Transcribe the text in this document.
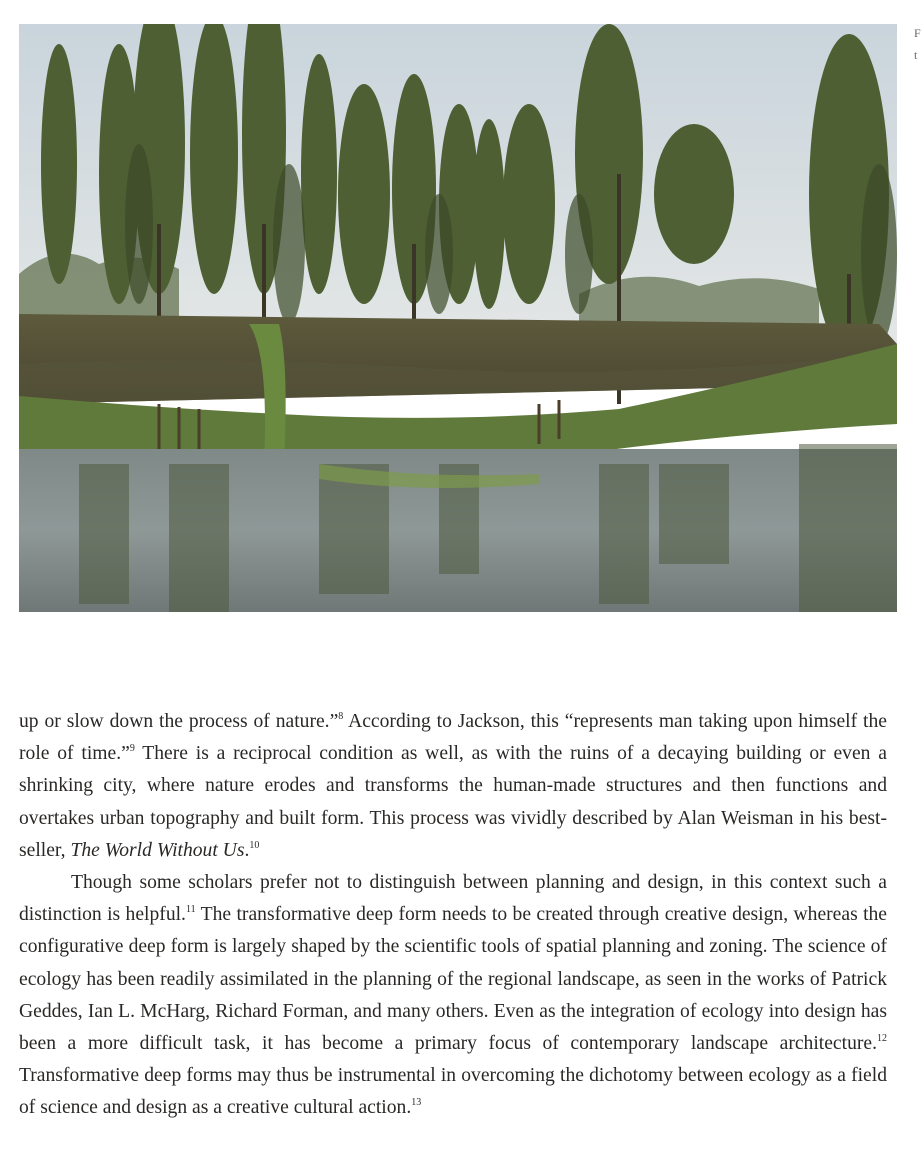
F
t

up or slow down the process of nature.”$^8$ According to Jackson, this “represents man taking upon himself the role of time.”$^9$ There is a reciprocal condition as well, as with the ruins of a decaying building or even a shrinking city, where nature erodes and transforms the human-made structures and then functions and overtakes urban topography and built form. This process was vividly described by Alan Weisman in his best-seller, The World Without Us.$^{10}$

Though some scholars prefer not to distinguish between planning and design, in this context such a distinction is helpful.$^{11}$ The transformative deep form needs to be created through creative design, whereas the configurative deep form is largely shaped by the scientific tools of spatial planning and zoning. The science of ecology has been readily assimilated in the planning of the regional landscape, as seen in the works of Patrick Geddes, Ian L. McHarg, Richard Forman, and many others. Even as the integration of ecology into design has been a more difficult task, it has become a primary focus of contemporary landscape architecture.$^{12}$ Transformative deep forms may thus be instrumental in overcoming the dichotomy between ecology as a field of science and design as a creative cultural action.$^{13}$
